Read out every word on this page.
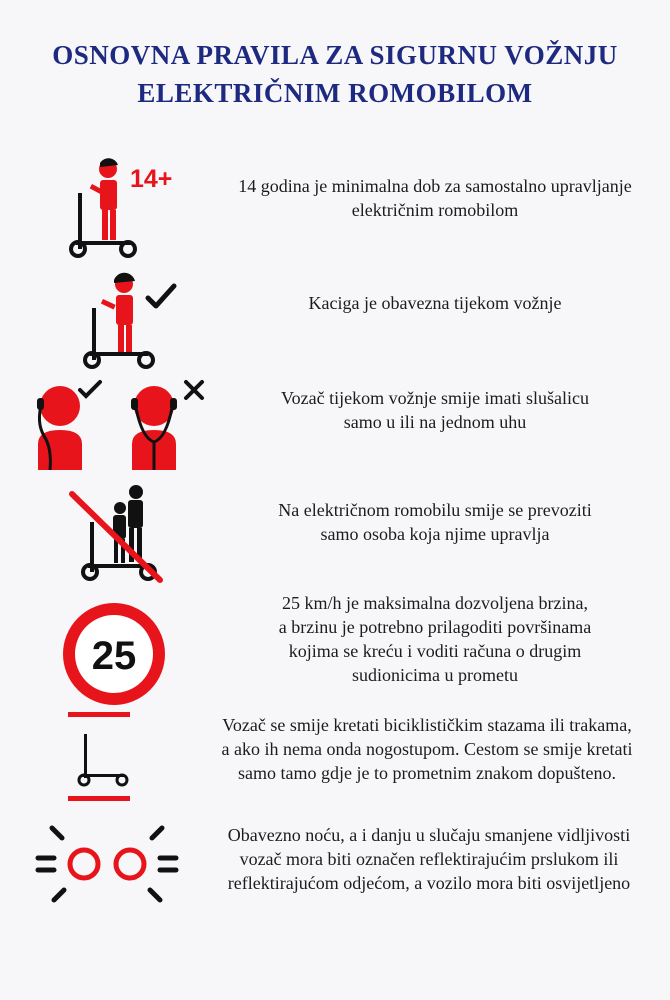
OSNOVNA PRAVILA ZA SIGURNU VOŽNJU
ELEKTRIČNIM ROMOBILOM
14+	14 godina je minimalna dob za samostalno upravljanje
električnim romobilom
Kaciga je obavezna tijekom vožnje
Vozač tijekom vožnje smije imati slušalicu
samo u ili na jednom uhu
Na električnom romobilu smije se prevoziti
samo osoba koja njime upravlja
25
25 km/h je maksimalna dozvoljena brzina,
a brzinu je potrebno prilagoditi površinama
kojima se kreću i voditi računa o drugim
sudionicima u prometu
Vozač se smije kretati biciklističkim stazama ili trakama,
a ako ih nema onda nogostupom. Cestom se smije kretati
samo tamo gdje je to prometnim znakom dopušteno.
Obavezno noću, a i danju u slučaju smanjene vidljivosti
vozač mora biti označen reflektirajućim prslukom ili
reflektirajućom odjećom, a vozilo mora biti osvijetljeno
